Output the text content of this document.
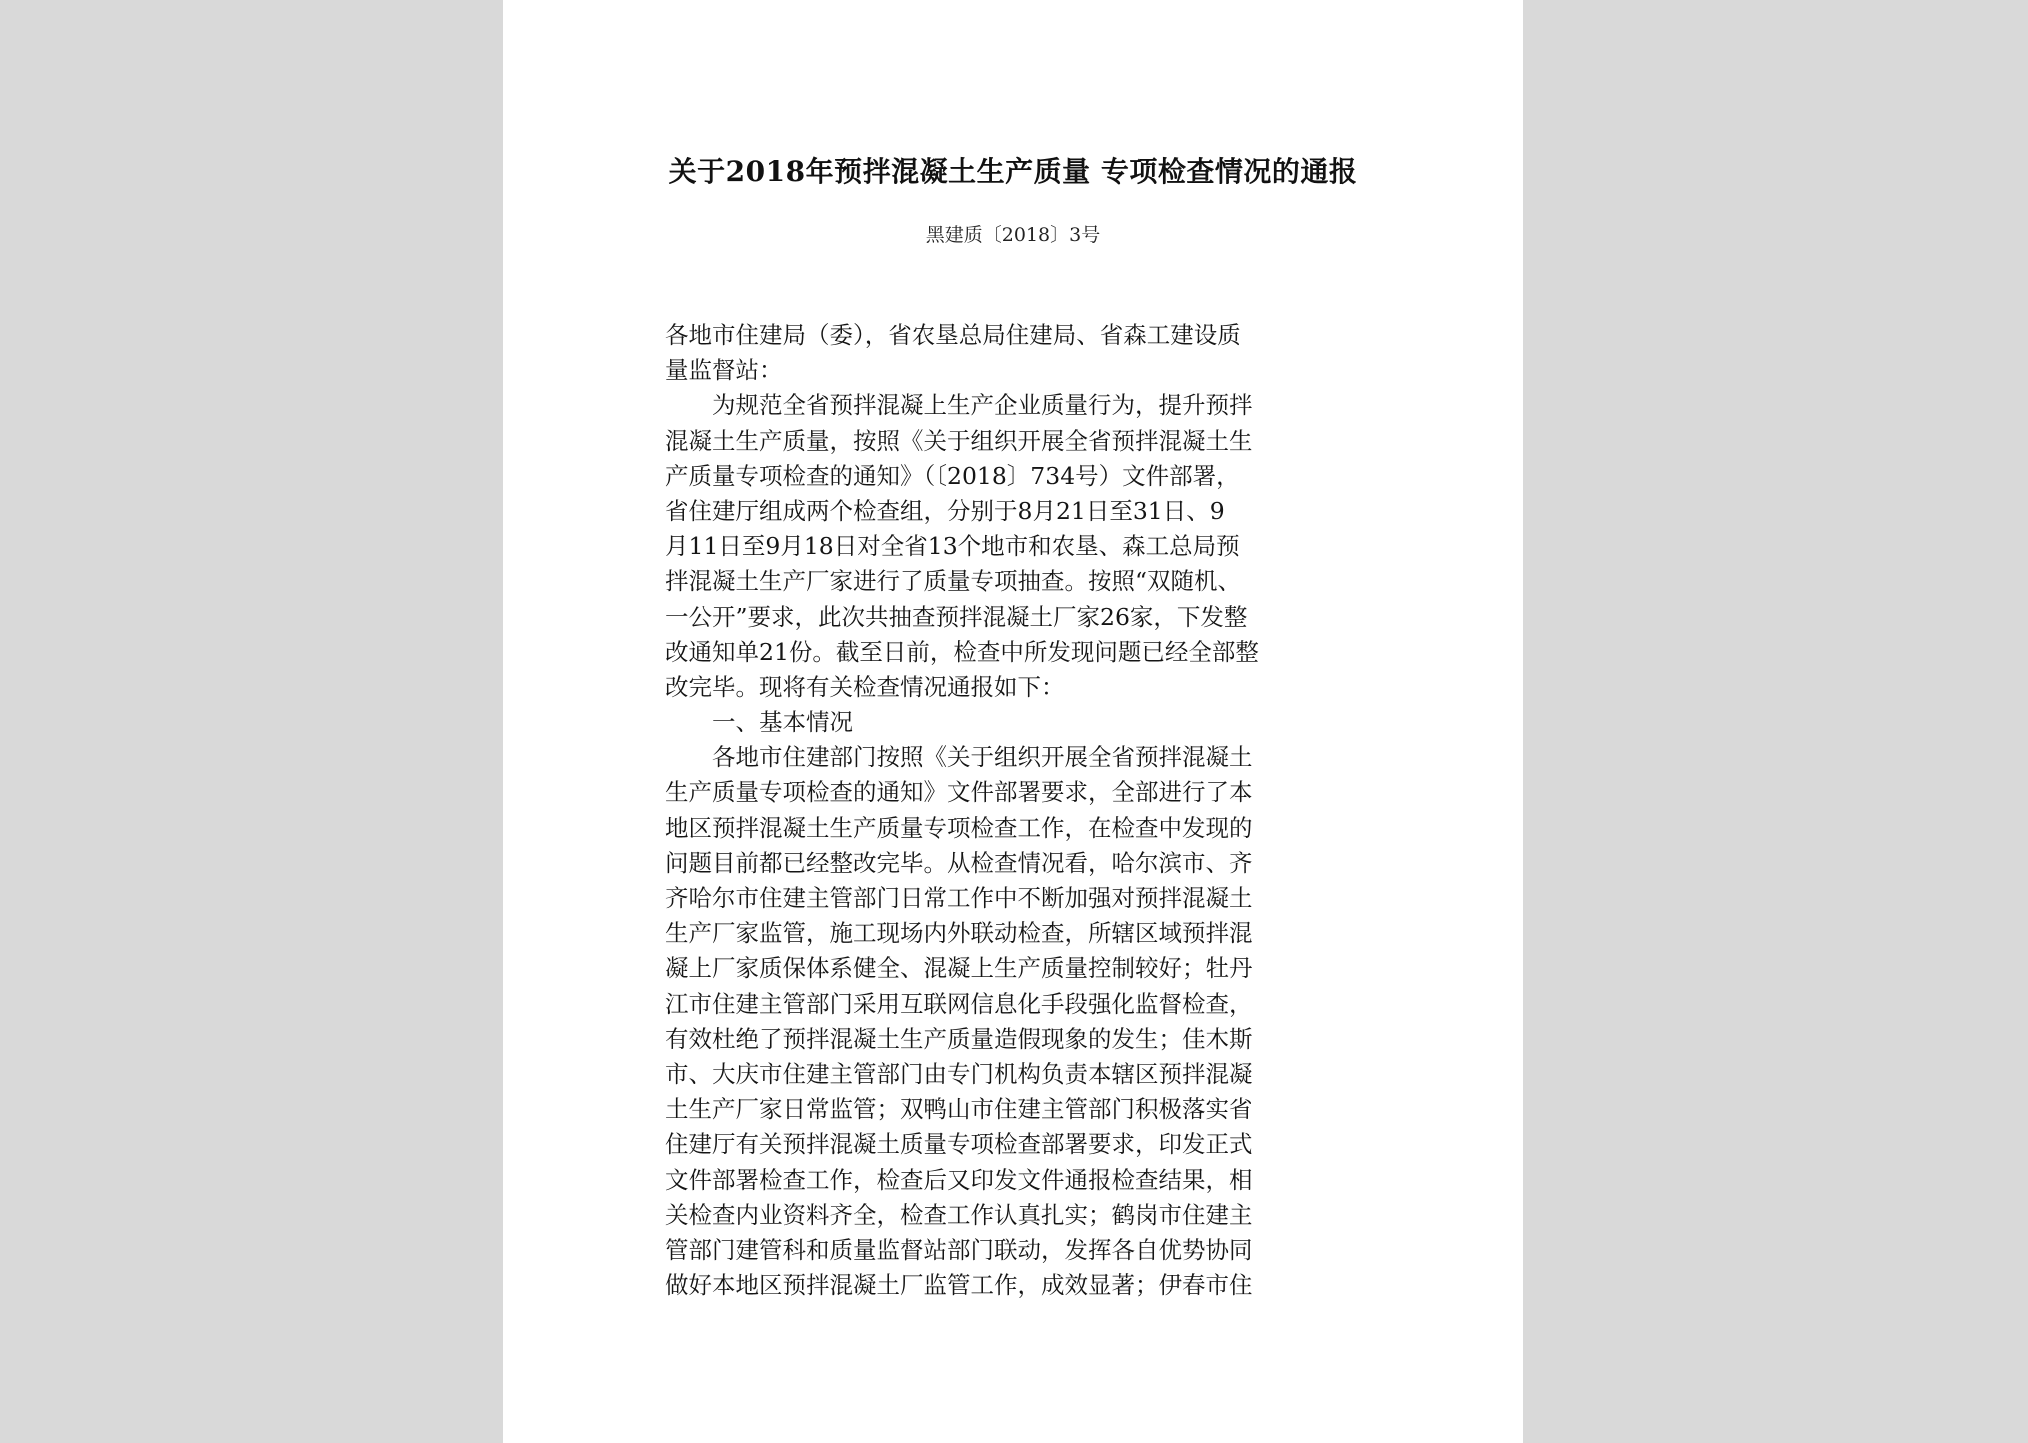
关于2018年预拌混凝土生产质量 专项检查情况的通报

黑建质〔2018〕3号

各地市住建局（委），省农垦总局住建局、省森工建设质
量监督站：
　　为规范全省预拌混凝上生产企业质量行为，提升预拌
混凝土生产质量，按照《关于组织开展全省预拌混凝土生
产质量专项检查的通知》（〔2018〕734号）文件部署，
省住建厅组成两个检查组，分别于8月21日至31日、9
月11日至9月18日对全省13个地市和农垦、森工总局预
拌混凝土生产厂家进行了质量专项抽查。按照“双随机、
一公开”要求，此次共抽查预拌混凝土厂家26家，下发整
改通知单21份。截至日前，检查中所发现问题已经全部整
改完毕。现将有关检查情况通报如下：
　　一、基本情况
　　各地市住建部门按照《关于组织开展全省预拌混凝土
生产质量专项检查的通知》文件部署要求，全部进行了本
地区预拌混凝土生产质量专项检查工作，在检查中发现的
问题目前都已经整改完毕。从检查情况看，哈尔滨市、齐
齐哈尔市住建主管部门日常工作中不断加强对预拌混凝土
生产厂家监管，施工现场内外联动检查，所辖区域预拌混
凝上厂家质保体系健全、混凝上生产质量控制较好；牡丹
江市住建主管部门采用互联网信息化手段强化监督检查，
有效杜绝了预拌混凝土生产质量造假现象的发生；佳木斯
市、大庆市住建主管部门由专门机构负责本辖区预拌混凝
土生产厂家日常监管；双鸭山市住建主管部门积极落实省
住建厅有关预拌混凝土质量专项检查部署要求，印发正式
文件部署检查工作，检查后又印发文件通报检查结果，相
关检查内业资料齐全，检查工作认真扎实；鹤岗市住建主
管部门建管科和质量监督站部门联动，发挥各自优势协同
做好本地区预拌混凝土厂监管工作，成效显著；伊春市住
